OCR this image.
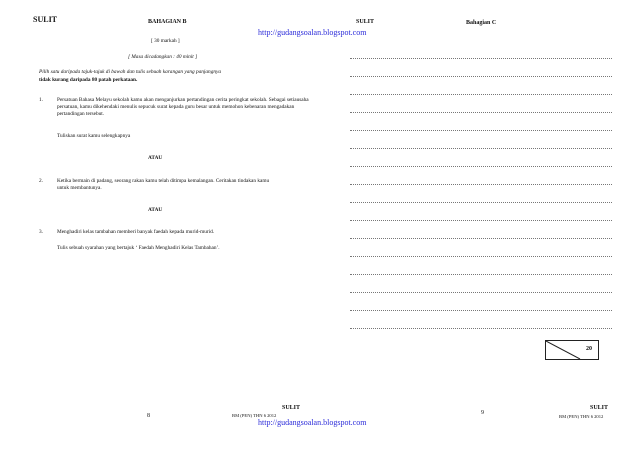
SULIT	BAHAGIAN B	SULIT	Bahagian C
http://gudangsoalan.blogspot.com
[ 30 markah ]
[ Masa dicadangkan : 40 minit ]
Pilih satu daripada tajuk-tajuk di bawah dan tulis sebuah karangan yang panjangnya
tidak kurang daripada 80 patah perkataan.
1.	Persatuan Bahasa Melayu sekolah kamu akan menganjurkan pertandingan cerita peringkat sekolah. Sebagai setiausaha persatuan, kamu dikehendaki menulis sepucuk surat kepada guru besar untuk memohon kebenaran mengadakan pertandingan tersebut.
Tuliskan surat kamu selengkapnya
ATAU
2.	Ketika bermain di padang, seorang rakan kamu telah ditimpa kemalangan. Ceritakan tindakan kamu untuk membantunya.
ATAU
3.	Menghadiri kelas tambahan memberi banyak faedah kepada murid-murid.
Tulis sebuah syarahan yang bertajuk ‘ Faedah Menghadiri Kelas Tambahan’.
20
8	BM (PEN) THN 6 2012
SULIT
http://gudangsoalan.blogspot.com
9
SULIT
BM (PEN) THN 6 2012
